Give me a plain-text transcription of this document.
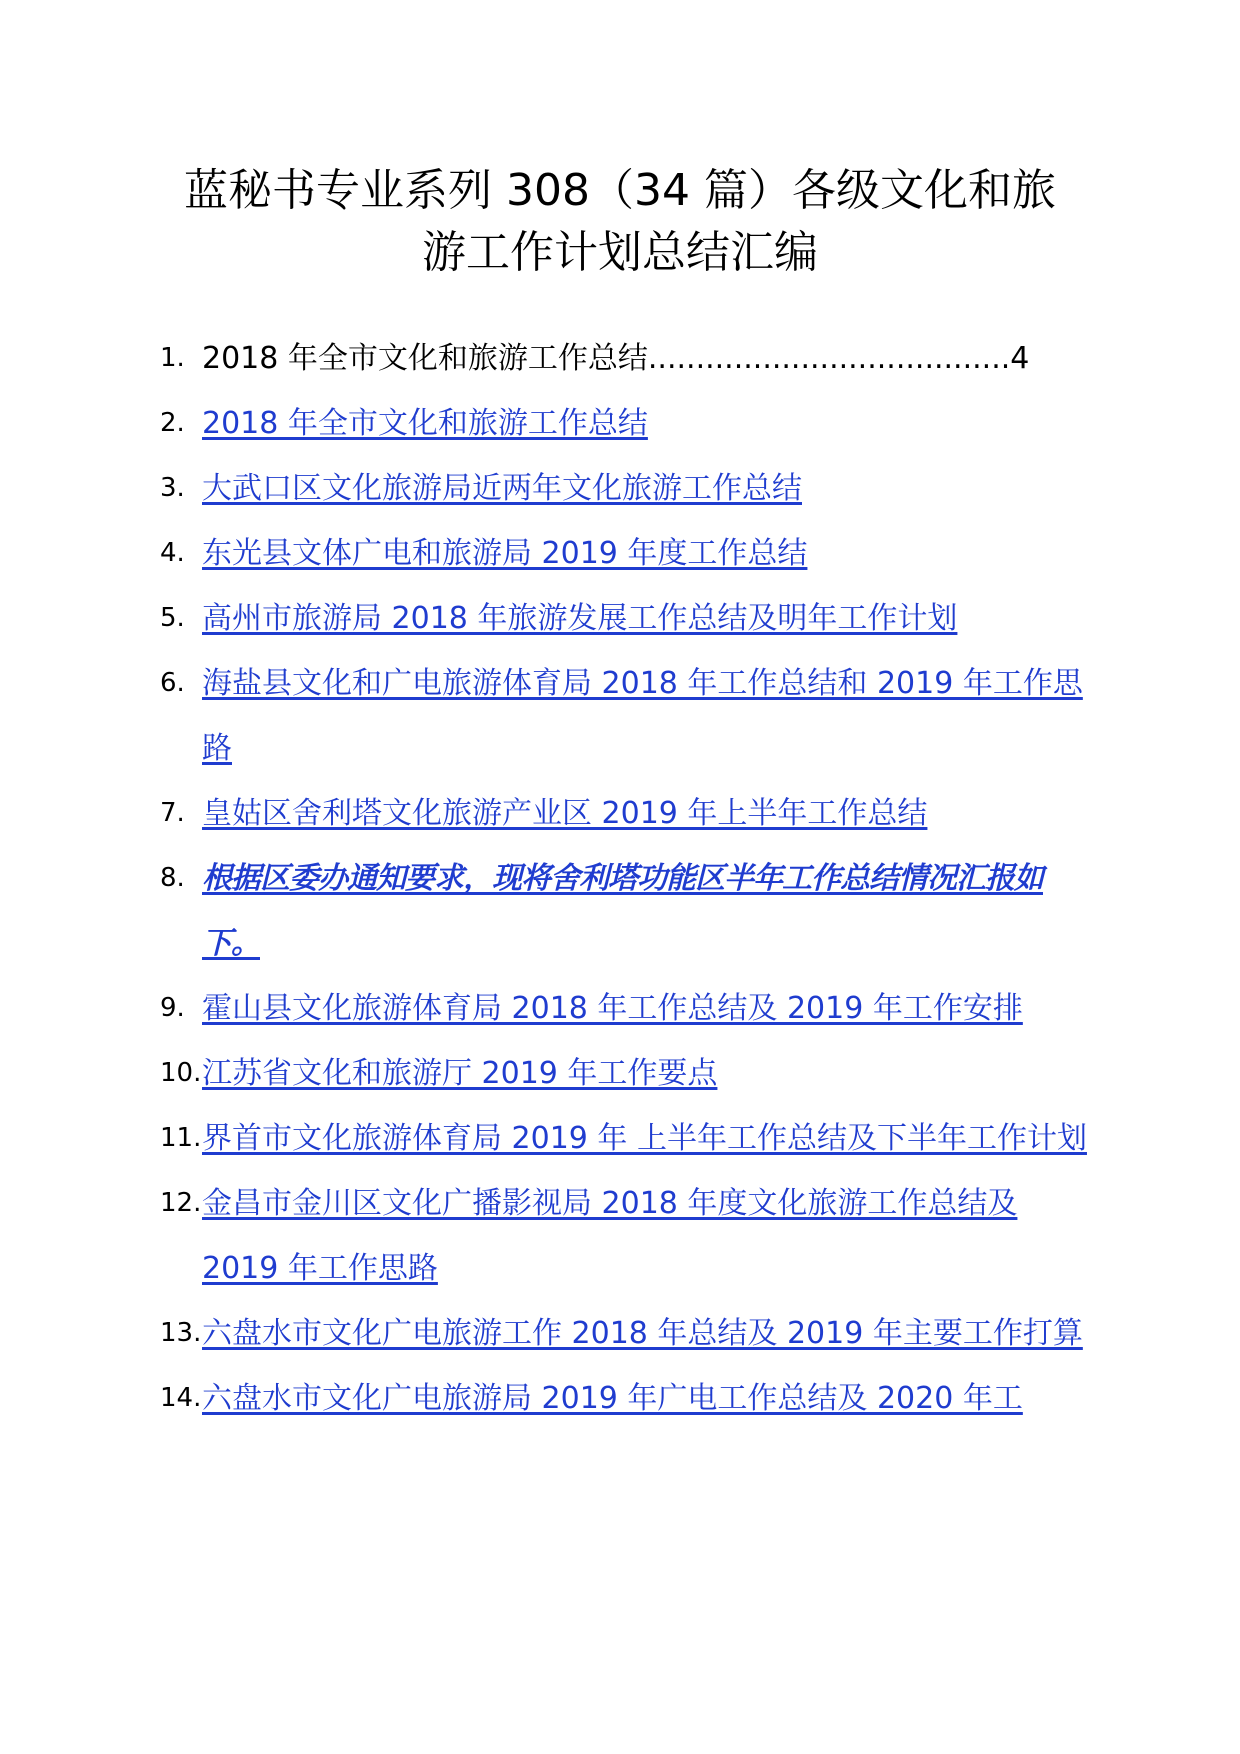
蓝秘书专业系列 308（34 篇）各级文化和旅
游工作计划总结汇编
1. 2018 年全市文化和旅游工作总结......................................4
2. 2018 年全市文化和旅游工作总结
3. 大武口区文化旅游局近两年文化旅游工作总结
4. 东光县文体广电和旅游局 2019 年度工作总结
5. 高州市旅游局 2018 年旅游发展工作总结及明年工作计划
6. 海盐县文化和广电旅游体育局 2018 年工作总结和 2019 年工作思路
7. 皇姑区舍利塔文化旅游产业区 2019 年上半年工作总结
8. 根据区委办通知要求，现将舍利塔功能区半年工作总结情况汇报如下。
9. 霍山县文化旅游体育局 2018 年工作总结及 2019 年工作安排
10. 江苏省文化和旅游厅 2019 年工作要点
11. 界首市文化旅游体育局 2019 年 上半年工作总结及下半年工作计划
12. 金昌市金川区文化广播影视局 2018 年度文化旅游工作总结及 2019 年工作思路
13. 六盘水市文化广电旅游工作 2018 年总结及 2019 年主要工作打算
14. 六盘水市文化广电旅游局 2019 年广电工作总结及 2020 年工
